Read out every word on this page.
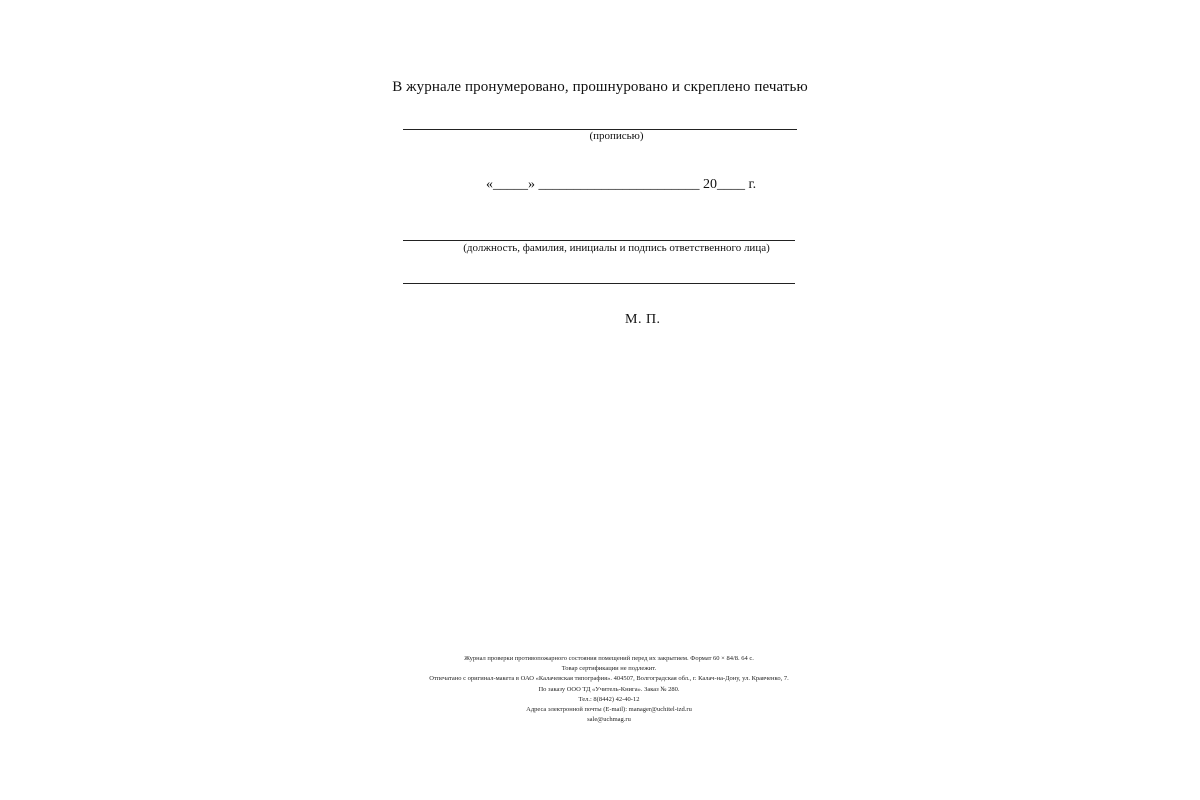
В журнале пронумеровано, прошнуровано и скреплено печатью
(прописью)
«_____» _______________________ 20____ г.
(должность, фамилия, инициалы и подпись ответственного лица)
М. П.
Журнал проверки противопожарного состояния помещений перед их закрытием. Формат 60 × 84/8. 64 с.
Товар сертификации не подлежит.
Отпечатано с оригинал-макета в ОАО «Калачевская типография». 404507, Волгоградская обл., г. Калач-на-Дону, ул. Кравченко, 7.
По заказу ООО ТД «Учитель-Книга». Заказ № 280.
Тел.: 8(8442) 42-40-12
Адреса электронной почты (E-mail): manager@uchitel-izd.ru
sale@uchmag.ru
